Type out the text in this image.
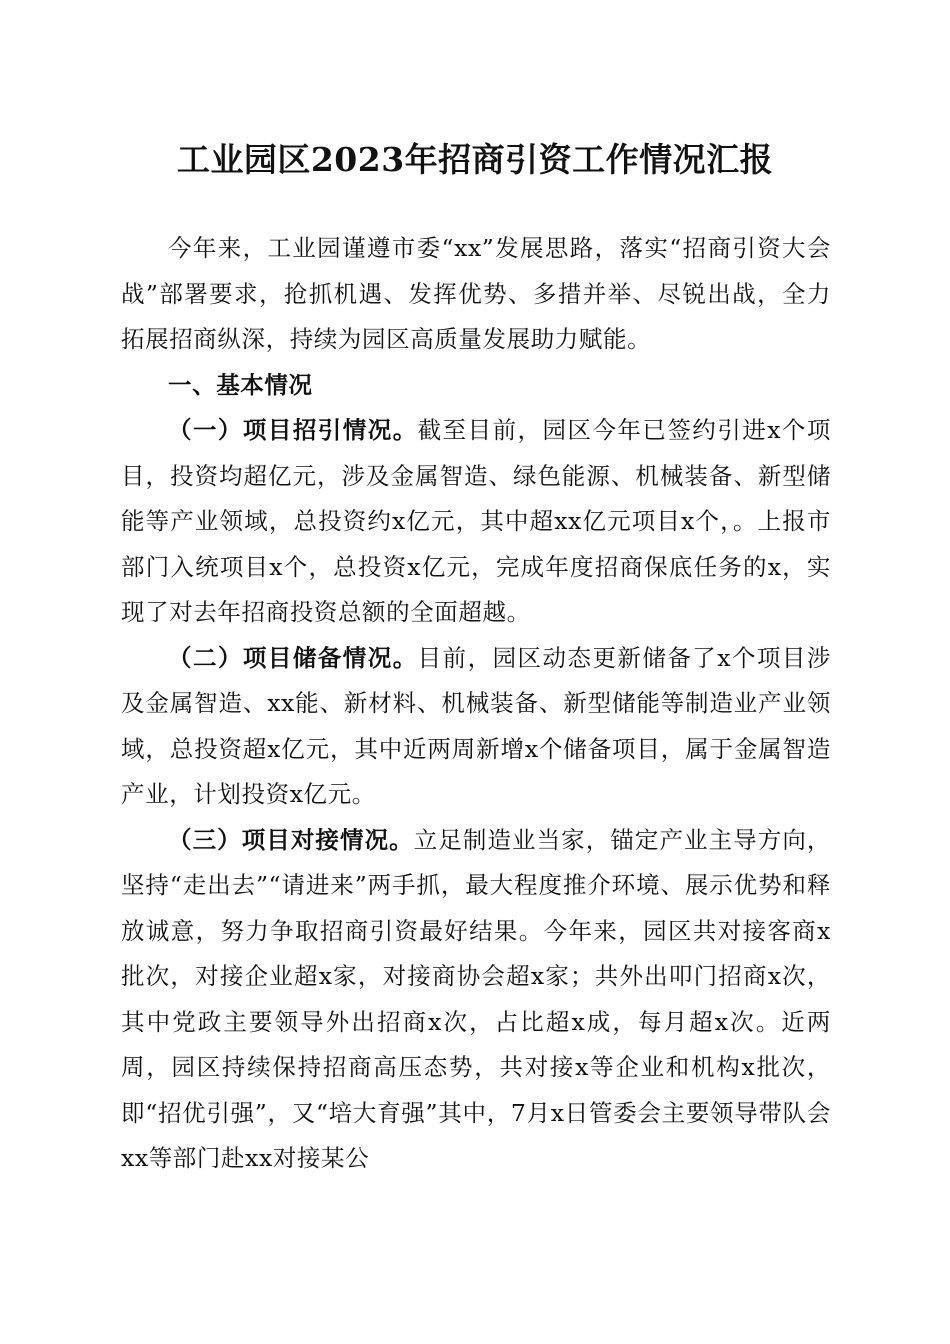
工业园区2023年招商引资工作情况汇报

今年来，工业园谨遵市委“xx”发展思路，落实“招商引资大会战”部署要求，抢抓机遇、发挥优势、多措并举、尽锐出战，全力拓展招商纵深，持续为园区高质量发展助力赋能。

一、基本情况

（一）项目招引情况。截至目前，园区今年已签约引进x个项目，投资均超亿元，涉及金属智造、绿色能源、机械装备、新型储能等产业领域，总投资约x亿元，其中超xx亿元项目x个，。上报市部门入统项目x个，总投资x亿元，完成年度招商保底任务的x，实现了对去年招商投资总额的全面超越。

（二）项目储备情况。目前，园区动态更新储备了x个项目涉及金属智造、xx能、新材料、机械装备、新型储能等制造业产业领域，总投资超x亿元，其中近两周新增x个储备项目，属于金属智造产业，计划投资x亿元。

（三）项目对接情况。立足制造业当家，锚定产业主导方向，坚持“走出去”“请进来”两手抓，最大程度推介环境、展示优势和释放诚意，努力争取招商引资最好结果。今年来，园区共对接客商x批次，对接企业超x家，对接商协会超x家；共外出叩门招商x次，其中党政主要领导外出招商x次，占比超x成，每月超x次。近两周，园区持续保持招商高压态势，共对接x等企业和机构x批次，即“招优引强”，又“培大育强”其中，7月x日管委会主要领导带队会xx等部门赴xx对接某公
